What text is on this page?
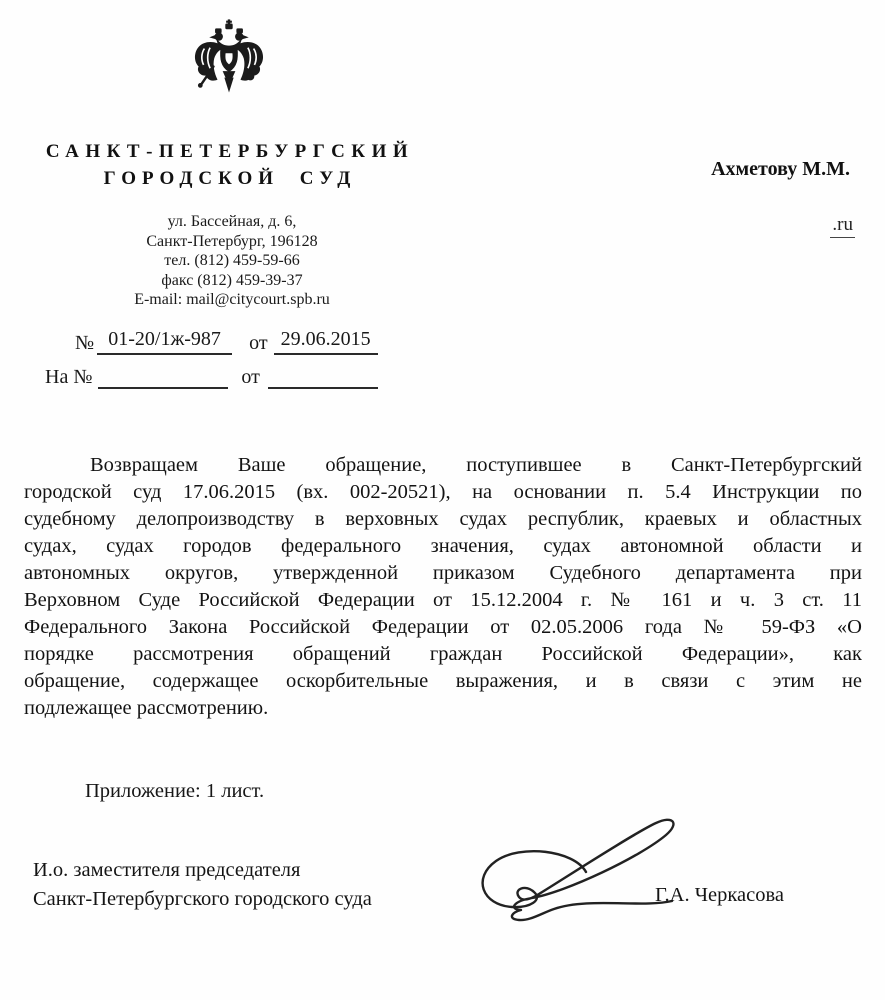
САНКТ-ПЕТЕРБУРГСКИЙ
ГОРОДСКОЙ СУД
ул. Бассейная, д. 6,
Санкт-Петербург, 196128
тел. (812) 459-59-66
факс (812) 459-39-37
E-mail: mail@citycourt.spb.ru
Ахметову М.М.
.ru
№ 01-20/1ж-987 от 29.06.2015
На №	от
Возвращаем Ваше обращение, поступившее в Санкт-Петербургский
городской суд 17.06.2015 (вх. 002-20521), на основании п. 5.4 Инструкции по
судебному делопроизводству в верховных судах республик, краевых и областных
судах, судах городов федерального значения, судах автономной области и
автономных округов, утвержденной приказом Судебного департамента при
Верховном Суде Российской Федерации от 15.12.2004 г. № 161 и ч. 3 ст. 11
Федерального Закона Российской Федерации от 02.05.2006 года № 59-ФЗ «О
порядке рассмотрения обращений граждан Российской Федерации», как
обращение, содержащее оскорбительные выражения, и в связи с этим не
подлежащее рассмотрению.
Приложение: 1 лист.
И.о. заместителя председателя
Санкт-Петербургского городского суда	Г.А. Черкасова
